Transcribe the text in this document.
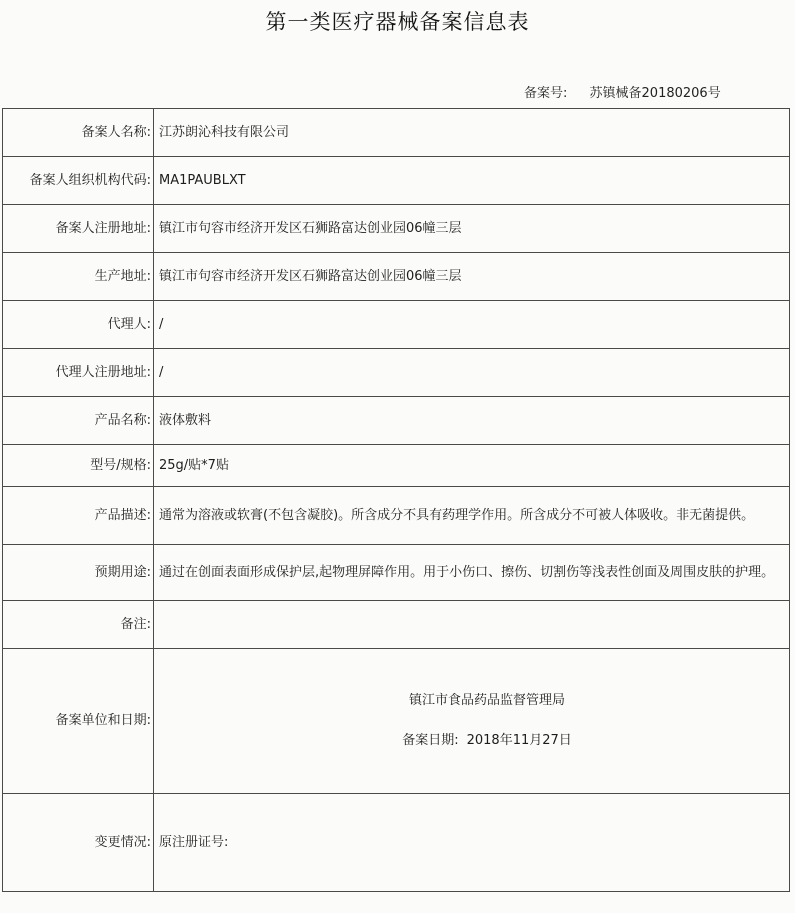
第一类医疗器械备案信息表
备案号: 苏镇械备20180206号
备案人名称:	江苏朗沁科技有限公司
备案人组织机构代码:	MA1PAUBLXT
备案人注册地址:	镇江市句容市经济开发区石狮路富达创业园06幢三层
生产地址:	镇江市句容市经济开发区石狮路富达创业园06幢三层
代理人:	/
代理人注册地址:	/
产品名称:	液体敷料
型号/规格:	25g/贴*7贴
产品描述:	通常为溶液或软膏(不包含凝胶)。所含成分不具有药理学作用。所含成分不可被人体吸收。非无菌提供。
预期用途:	通过在创面表面形成保护层,起物理屏障作用。用于小伤口、擦伤、切割伤等浅表性创面及周围皮肤的护理。
备注:	
备案单位和日期:	镇江市食品药品监督管理局
备案日期: 2018年11月27日

变更情况:	原注册证号:
